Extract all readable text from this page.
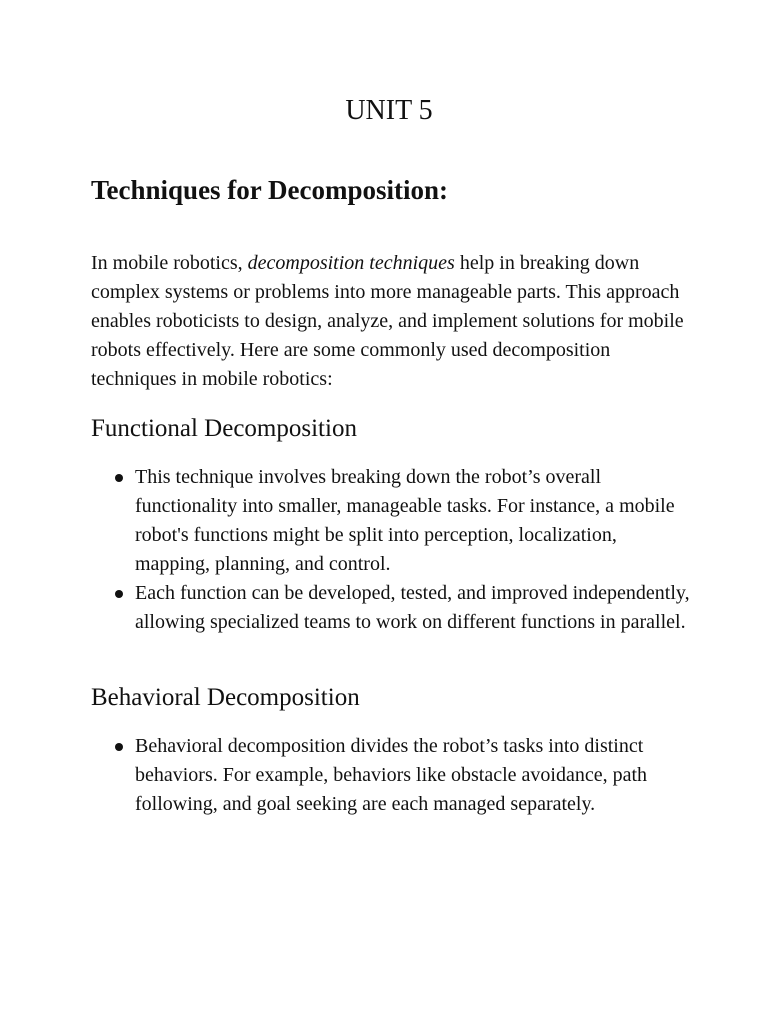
UNIT 5
Techniques for Decomposition:

In mobile robotics, decomposition techniques help in breaking down complex systems or problems into more manageable parts. This approach enables roboticists to design, analyze, and implement solutions for mobile robots effectively. Here are some commonly used decomposition techniques in mobile robotics:

Functional Decomposition
This technique involves breaking down the robot’s overall functionality into smaller, manageable tasks. For instance, a mobile robot's functions might be split into perception, localization, mapping, planning, and control.
Each function can be developed, tested, and improved independently, allowing specialized teams to work on different functions in parallel.
Behavioral Decomposition
Behavioral decomposition divides the robot’s tasks into distinct behaviors. For example, behaviors like obstacle avoidance, path following, and goal seeking are each managed separately.
